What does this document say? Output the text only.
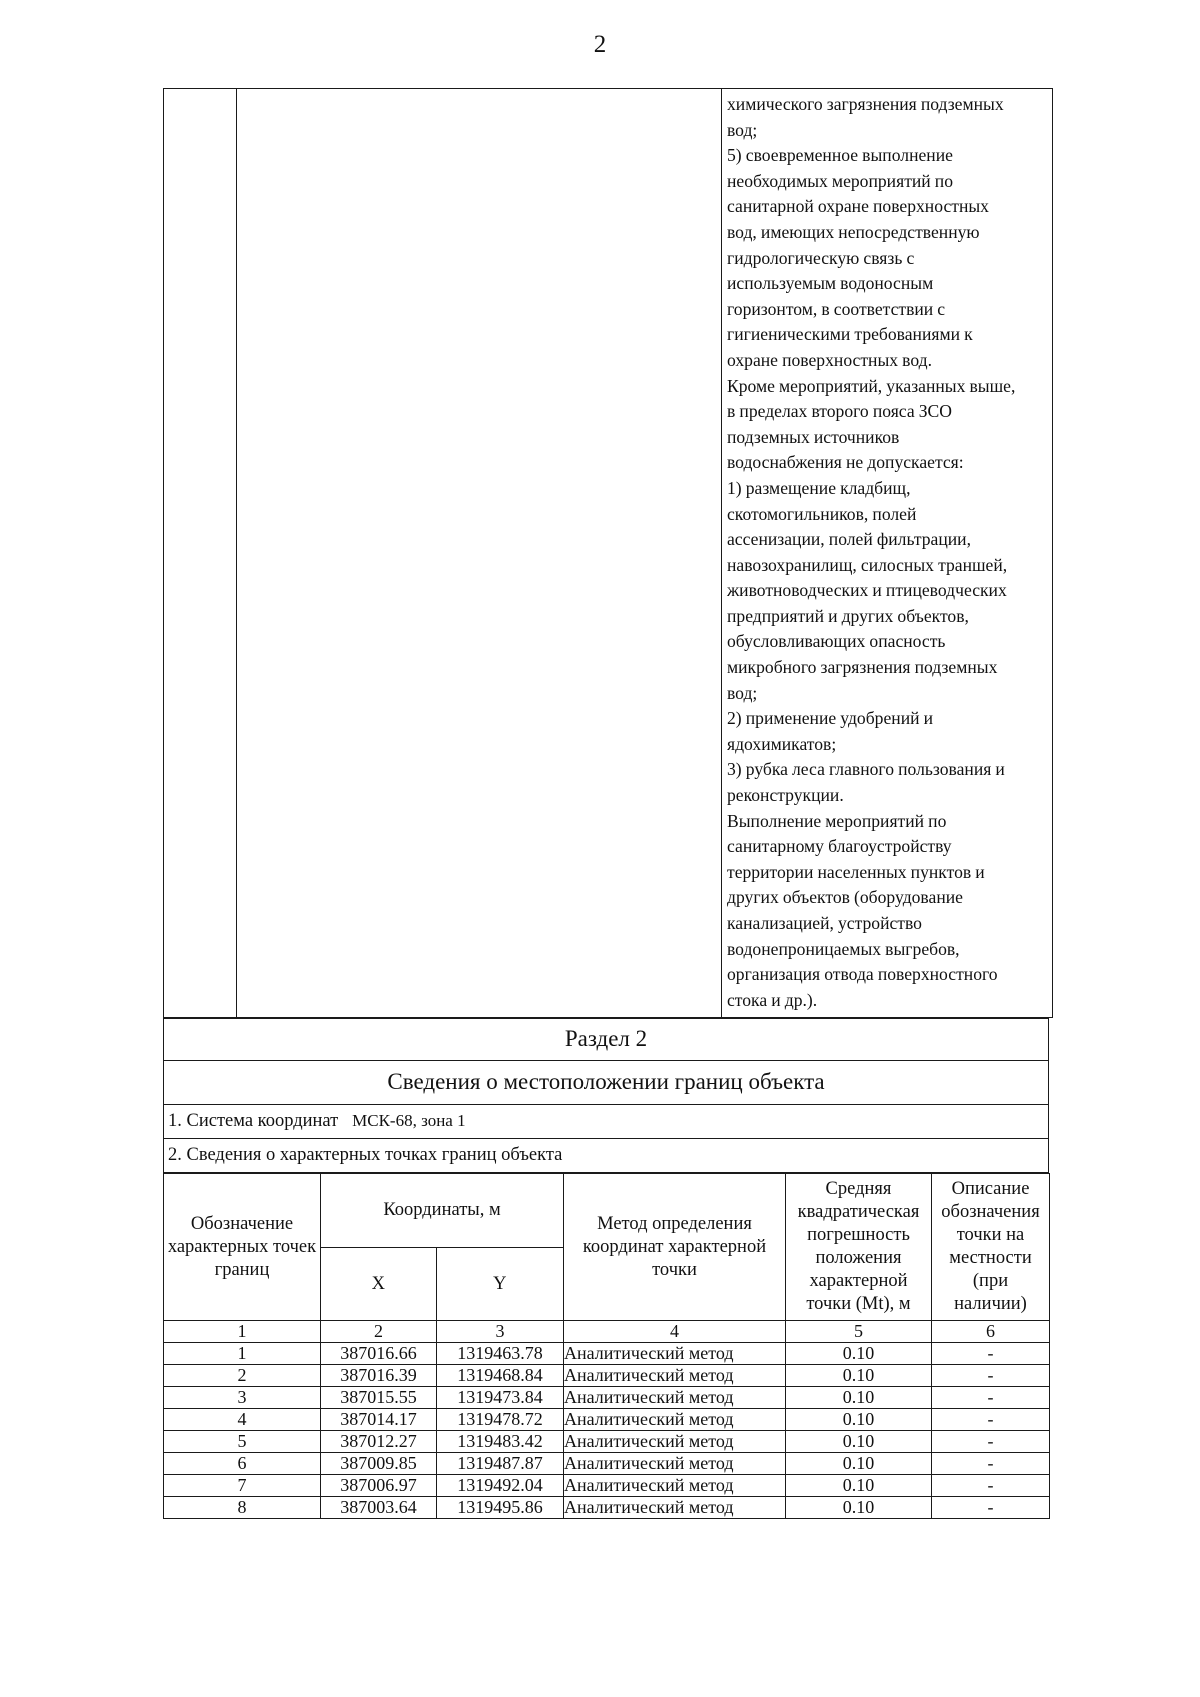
2

химического загрязнения подземных

вод;

5) своевременное выполнение

необходимых мероприятий по

санитарной охране поверхностных

вод, имеющих непосредственную

гидрологическую связь с

используемым водоносным

горизонтом, в соответствии с

гигиеническими требованиями к

охране поверхностных вод.

Кроме мероприятий, указанных выше,

в пределах второго пояса ЗСО

подземных источников

водоснабжения не допускается:

1) размещение кладбищ,

скотомогильников, полей

ассенизации, полей фильтрации,

навозохранилищ, силосных траншей,

животноводческих и птицеводческих

предприятий и других объектов,

обусловливающих опасность

микробного загрязнения подземных

вод;

2) применение удобрений и

ядохимикатов;

3) рубка леса главного пользования и

реконструкции.

Выполнение мероприятий по

санитарному благоустройству

территории населенных пунктов и

других объектов (оборудование

канализацией, устройство

водонепроницаемых выгребов,

организация отвода поверхностного

стока и др.).

Раздел 2

Сведения о местоположении границ объекта

1. Система координат МСК-68, зона 1

2. Сведения о характерных точках границ объекта
Обозначение характерных точек границ	Координаты, м		Метод определения координат характерной точки	Средняя квадратическая погрешность положения характерной точки (Mt), м	Описание обозначения точки на местности (при наличии)
	X	Y			
1	2	3	4	5	6
1	387016.66	1319463.78	Аналитический метод	0.10	-
2	387016.39	1319468.84	Аналитический метод	0.10	-
3	387015.55	1319473.84	Аналитический метод	0.10	-
4	387014.17	1319478.72	Аналитический метод	0.10	-
5	387012.27	1319483.42	Аналитический метод	0.10	-
6	387009.85	1319487.87	Аналитический метод	0.10	-
7	387006.97	1319492.04	Аналитический метод	0.10	-
8	387003.64	1319495.86	Аналитический метод	0.10	-
